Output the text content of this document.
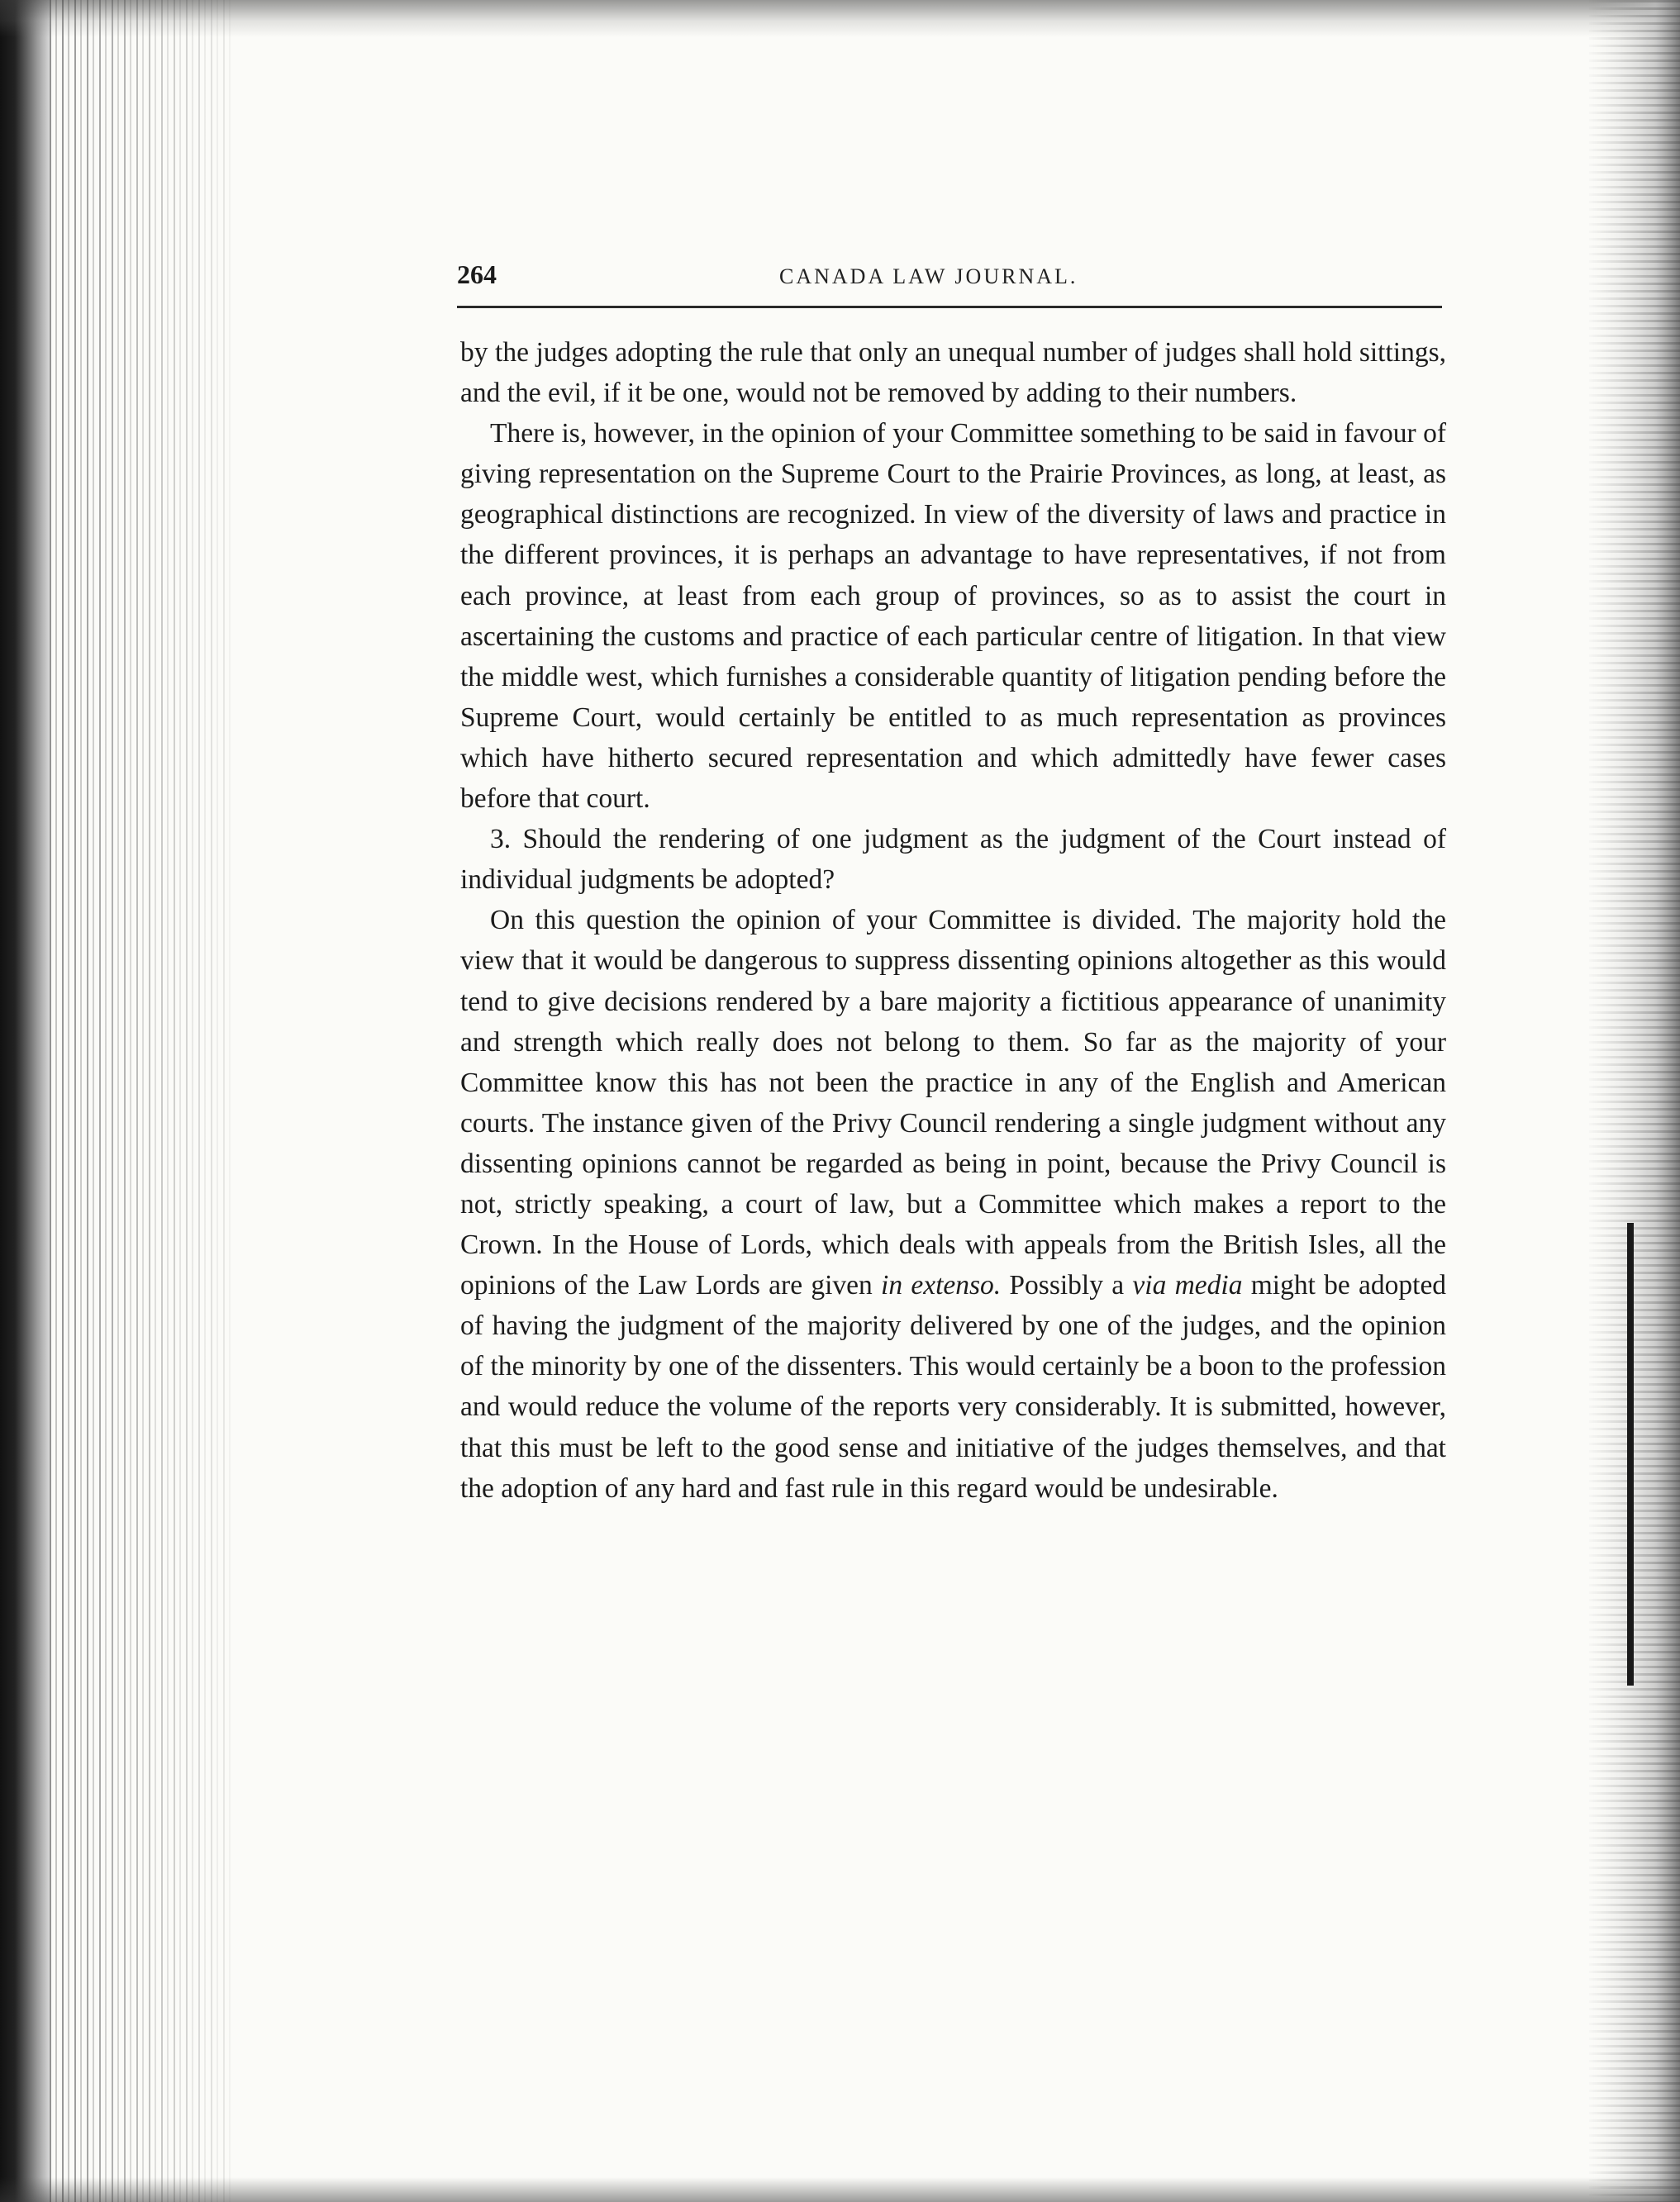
264	CANADA LAW JOURNAL.

by the judges adopting the rule that only an unequal number of judges shall hold sittings, and the evil, if it be one, would not be removed by adding to their numbers.

There is, however, in the opinion of your Committee something to be said in favour of giving representation on the Supreme Court to the Prairie Provinces, as long, at least, as geographical distinctions are recognized. In view of the diversity of laws and practice in the different provinces, it is perhaps an advantage to have representatives, if not from each province, at least from each group of provinces, so as to assist the court in ascertaining the customs and practice of each particular centre of litigation. In that view the middle west, which furnishes a considerable quantity of litigation pending before the Supreme Court, would certainly be entitled to as much representation as provinces which have hitherto secured representation and which admittedly have fewer cases before that court.

3. Should the rendering of one judgment as the judgment of the Court instead of individual judgments be adopted?

On this question the opinion of your Committee is divided. The majority hold the view that it would be dangerous to suppress dissenting opinions altogether as this would tend to give decisions rendered by a bare majority a fictitious appearance of unanimity and strength which really does not belong to them. So far as the majority of your Committee know this has not been the practice in any of the English and American courts. The instance given of the Privy Council rendering a single judgment without any dissenting opinions cannot be regarded as being in point, because the Privy Council is not, strictly speaking, a court of law, but a Committee which makes a report to the Crown. In the House of Lords, which deals with appeals from the British Isles, all the opinions of the Law Lords are given in extenso. Possibly a via media might be adopted of having the judgment of the majority delivered by one of the judges, and the opinion of the minority by one of the dissenters. This would certainly be a boon to the profession and would reduce the volume of the reports very considerably. It is submitted, however, that this must be left to the good sense and initiative of the judges themselves, and that the adoption of any hard and fast rule in this regard would be undesirable.
